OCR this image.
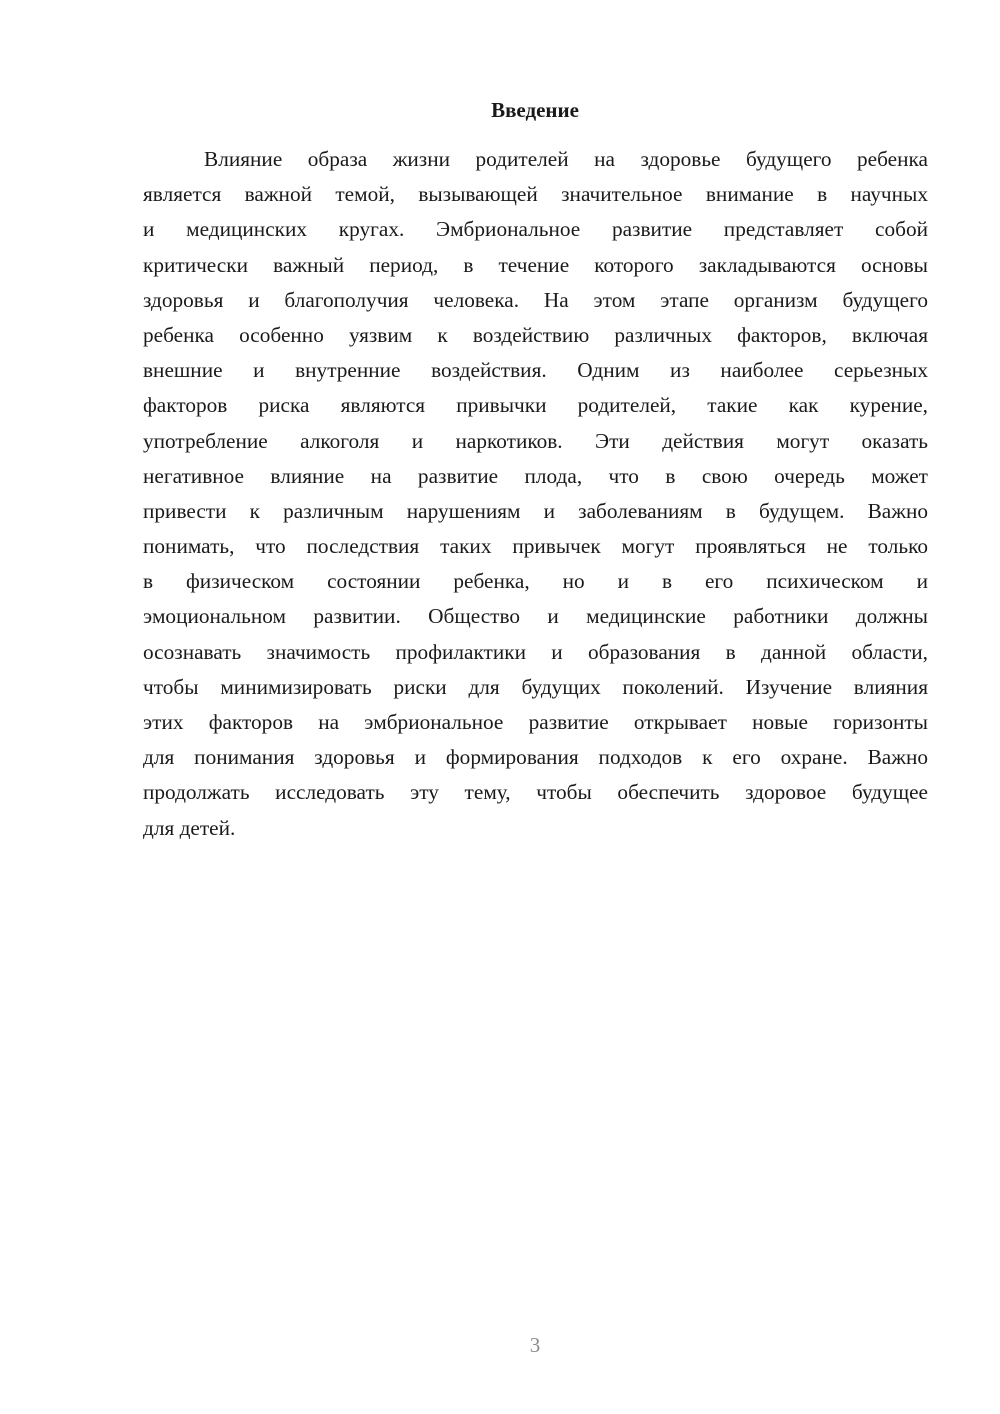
Введение
Влияние образа жизни родителей на здоровье будущего ребенка
является важной темой, вызывающей значительное внимание в научных
и медицинских кругах. Эмбриональное развитие представляет собой
критически важный период, в течение которого закладываются основы
здоровья и благополучия человека. На этом этапе организм будущего
ребенка особенно уязвим к воздействию различных факторов, включая
внешние и внутренние воздействия. Одним из наиболее серьезных
факторов риска являются привычки родителей, такие как курение,
употребление алкоголя и наркотиков. Эти действия могут оказать
негативное влияние на развитие плода, что в свою очередь может
привести к различным нарушениям и заболеваниям в будущем. Важно
понимать, что последствия таких привычек могут проявляться не только
в физическом состоянии ребенка, но и в его психическом и
эмоциональном развитии. Общество и медицинские работники должны
осознавать значимость профилактики и образования в данной области,
чтобы минимизировать риски для будущих поколений. Изучение влияния
этих факторов на эмбриональное развитие открывает новые горизонты
для понимания здоровья и формирования подходов к его охране. Важно
продолжать исследовать эту тему, чтобы обеспечить здоровое будущее
для детей.
3
